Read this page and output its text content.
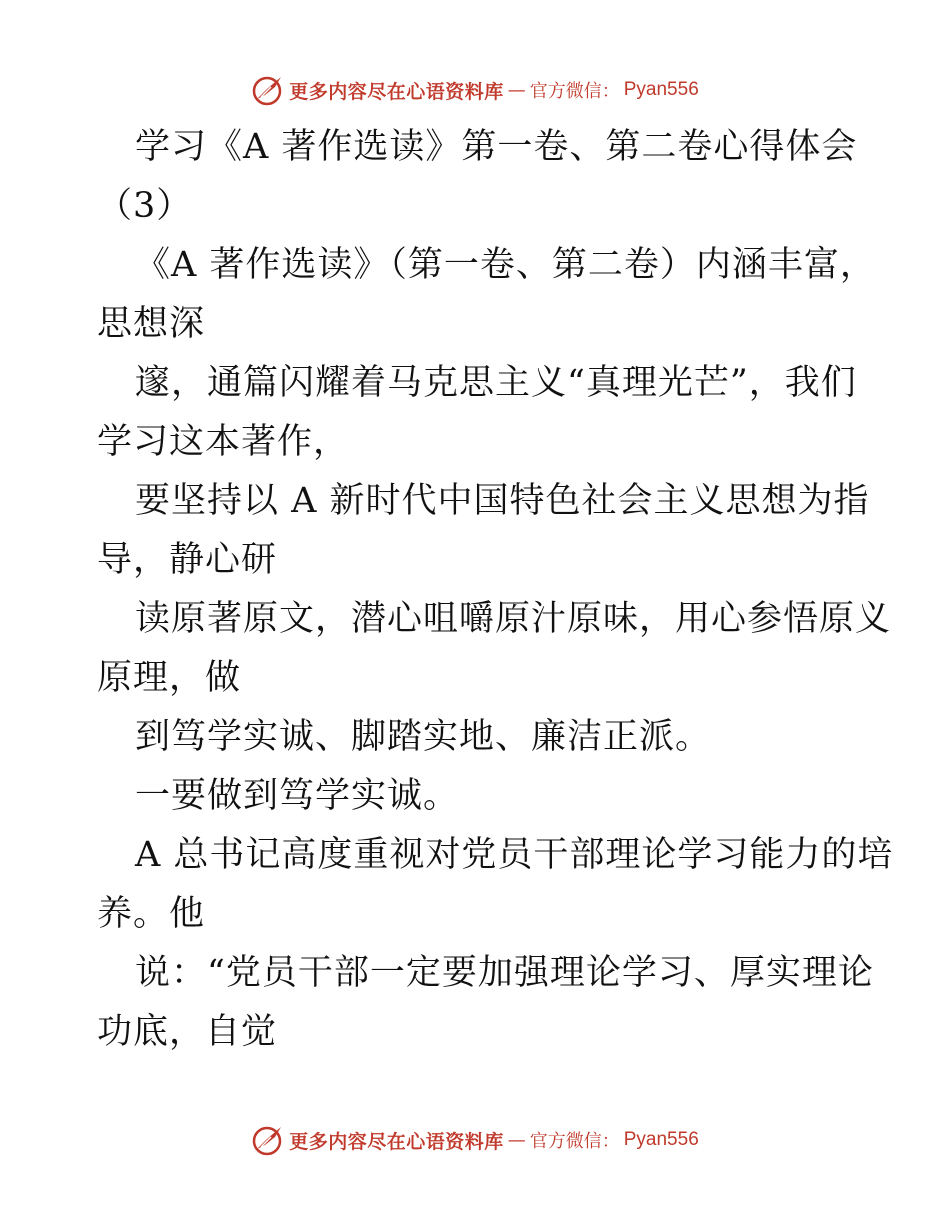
更多内容尽在心语资料库 — 官方微信： Pyan556
学习《A 著作选读》第一卷、第二卷心得体会
（3）
《A 著作选读》（第一卷、第二卷）内涵丰富，
思想深
邃，通篇闪耀着马克思主义“真理光芒”，我们
学习这本著作，
要坚持以 A 新时代中国特色社会主义思想为指
导，静心研
读原著原文，潜心咀嚼原汁原味，用心参悟原义
原理，做
到笃学实诚、脚踏实地、廉洁正派。
一要做到笃学实诚。
A 总书记高度重视对党员干部理论学习能力的培
养。他
说：“党员干部一定要加强理论学习、厚实理论
功底，自觉
更多内容尽在心语资料库 — 官方微信： Pyan556
